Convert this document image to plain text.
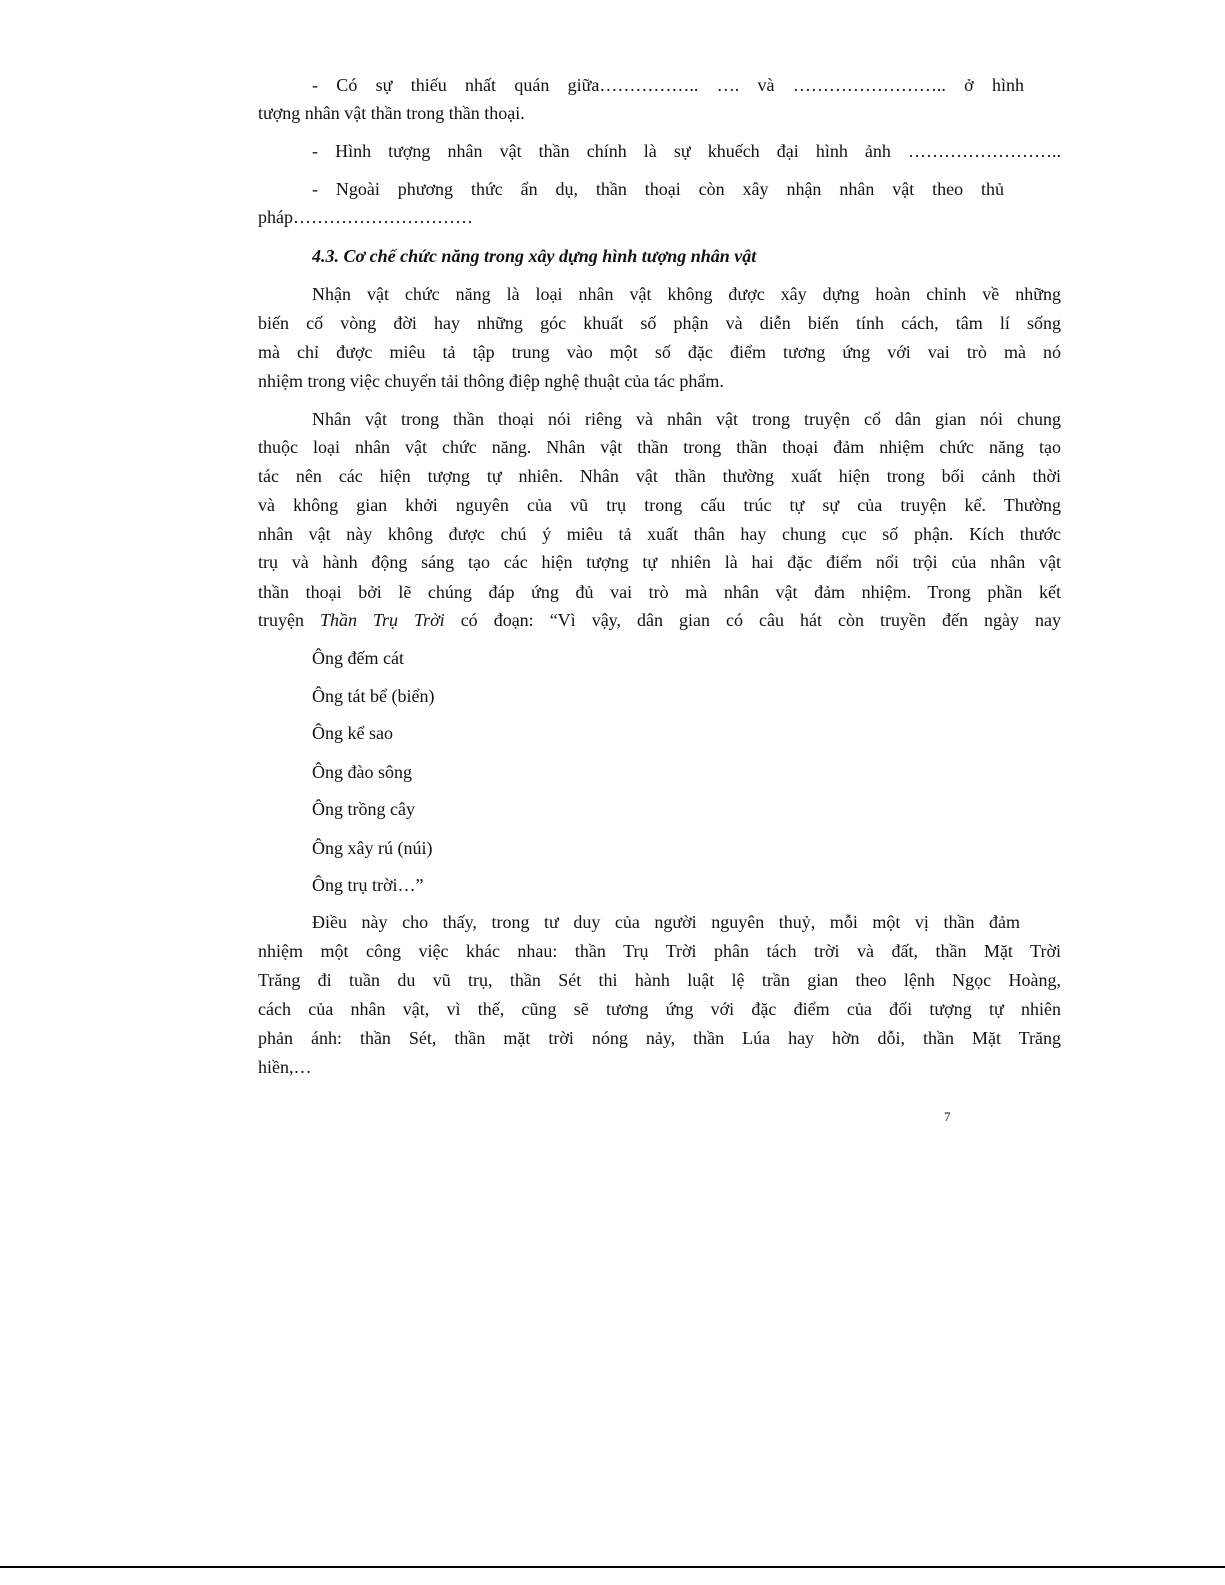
- Có sự thiếu nhất quán giữa…………….. …. và …………………….. ở hình
tượng nhân vật thần trong thần thoại.
- Hình tượng nhân vật thần chính là sự khuếch đại hình ảnh ……………………..
- Ngoài phương thức ẩn dụ, thần thoại còn xây nhận nhân vật theo thủ
pháp…………………………
4.3. Cơ chế chức năng trong xây dựng hình tượng nhân vật
Nhận vật chức năng là loại nhân vật không được xây dựng hoàn chỉnh về những
biến cố vòng đời hay những góc khuất số phận và diễn biến tính cách, tâm lí sống
mà chỉ được miêu tả tập trung vào một số đặc điểm tương ứng với vai trò mà nó
nhiệm trong việc chuyển tải thông điệp nghệ thuật của tác phẩm.
Nhân vật trong thần thoại nói riêng và nhân vật trong truyện cổ dân gian nói chung
thuộc loại nhân vật chức năng. Nhân vật thần trong thần thoại đảm nhiệm chức năng tạo
tác nên các hiện tượng tự nhiên. Nhân vật thần thường xuất hiện trong bối cảnh thời
và không gian khởi nguyên của vũ trụ trong cấu trúc tự sự của truyện kể. Thường
nhân vật này không được chú ý miêu tả xuất thân hay chung cục số phận. Kích thước
trụ và hành động sáng tạo các hiện tượng tự nhiên là hai đặc điểm nổi trội của nhân vật
thần thoại bởi lẽ chúng đáp ứng đủ vai trò mà nhân vật đảm nhiệm. Trong phần kết
truyện Thần Trụ Trời có đoạn: “Vì vậy, dân gian có câu hát còn truyền đến ngày nay
Ông đếm cát
Ông tát bể (biển)
Ông kể sao
Ông đào sông
Ông trồng cây
Ông xây rú (núi)
Ông trụ trời…”
Điều này cho thấy, trong tư duy của người nguyên thuỷ, mỗi một vị thần đảm
nhiệm một công việc khác nhau: thần Trụ Trời phân tách trời và đất, thần Mặt Trời
Trăng đi tuần du vũ trụ, thần Sét thi hành luật lệ trần gian theo lệnh Ngọc Hoàng,
cách của nhân vật, vì thế, cũng sẽ tương ứng với đặc điểm của đối tượng tự nhiên
phản ánh: thần Sét, thần mặt trời nóng nảy, thần Lúa hay hờn dỗi, thần Mặt Trăng
hiền,…
7
